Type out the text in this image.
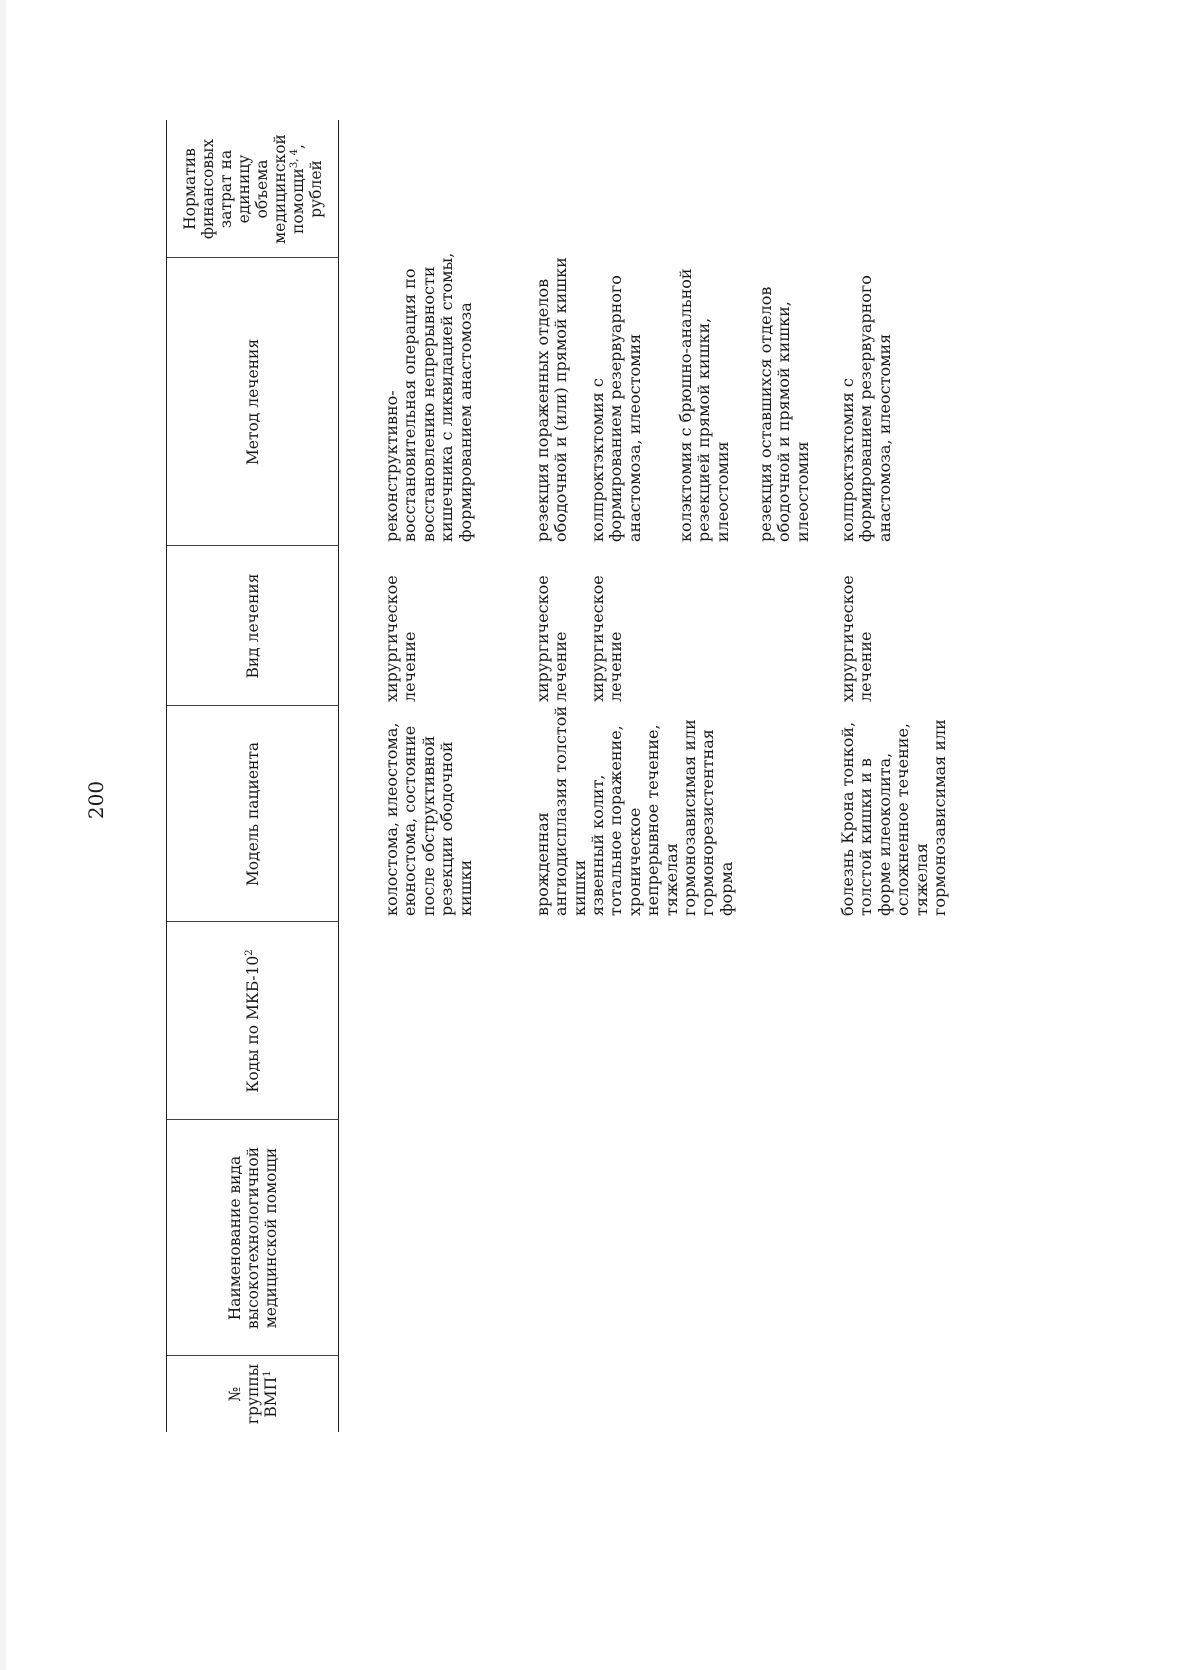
200
№ группы ВМП$^1$
Наименование вида высокотехнологичной медицинской помощи
Коды по МКБ-$10^2$
Модель пациента
Вид лечения
Метод лечения
Норматив финансовых затрат на единицу объема медицинской помощи$^{3, 4}$, рублей
колостома, илеостома, еюностома, состояние после обструктивной резекции ободочной кишки
хирургическое лечение
реконструктивно-восстановительная операция по восстановлению непрерывности кишечника с ликвидацией стомы, формированием анастомоза
врожденная ангиодисплазия толстой кишки
хирургическое лечение
резекция пораженных отделов ободочной и (или) прямой кишки
язвенный колит, тотальное поражение, хроническое непрерывное течение, тяжелая гормонозависимая или гормонорезистентная форма
хирургическое лечение
колпроктэктомия с формированием резервуарного анастомоза, илеостомия колэктомия с брюшно-анальной резекцией прямой кишки, илеостомия резекция оставшихся отделов ободочной и прямой кишки, илеостомия
болезнь Крона тонкой, толстой кишки и в форме илеоколита, осложненное течение, тяжелая гормонозависимая или
хирургическое лечение
колпроктэктомия с формированием резервуарного анастомоза, илеостомия
